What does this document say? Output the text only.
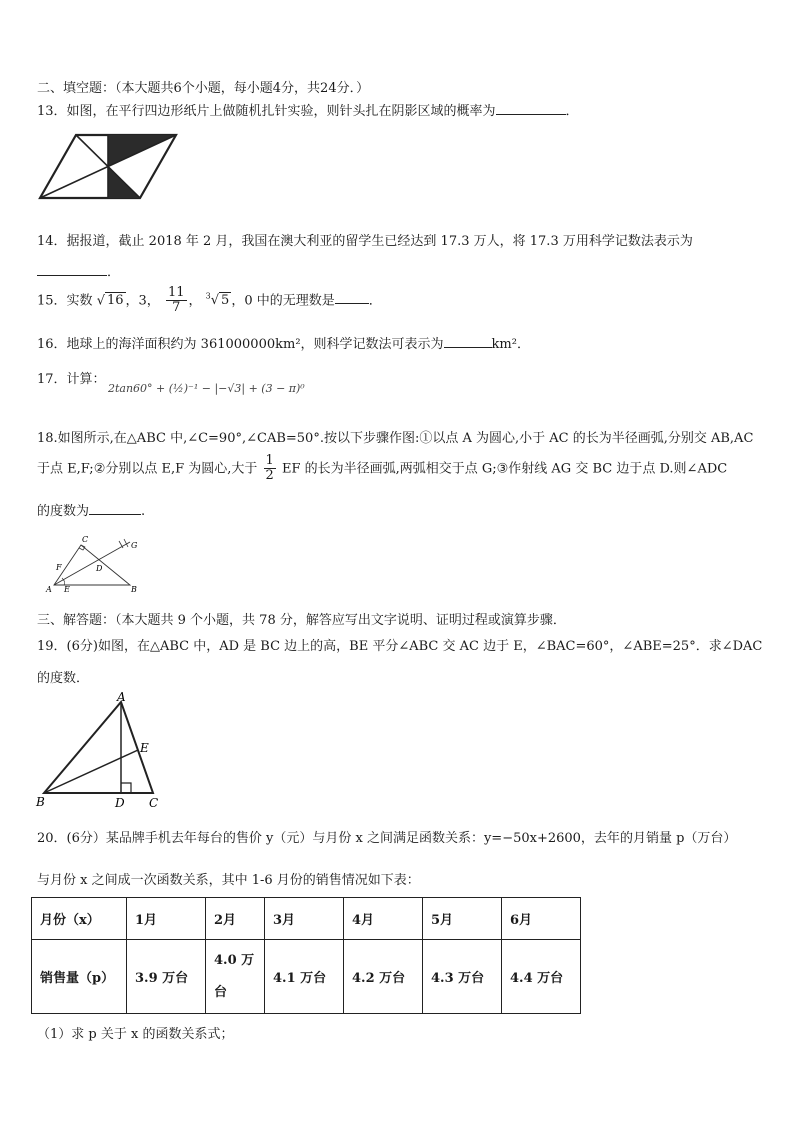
二、填空题：（本大题共6个小题，每小题4分，共24分．）
13．如图，在平行四边形纸片上做随机扎针实验，则针头扎在阴影区域的概率为	．
14．据报道，截止 2018 年 2 月，我国在澳大利亚的留学生已经达到 17.3 万人，将 17.3 万用科学记数法表示为
．
15．实数 √ 16 ，3， $\frac{11}{7}$ ， $^3$√ 5 ，0 中的无理数是	．
16．地球上的海洋面积约为 361000000km²，则科学记数法可表示为	km²．
17．计算：
2tan60° + (½)⁻¹ − |−√3| + (3 − π)⁰
18.如图所示,在△ABC 中,∠C=90°,∠CAB=50°.按以下步骤作图:①以点 A 为圆心,小于 AC 的长为半径画弧,分别交 AB,AC
于点 E,F;②分别以点 E,F 为圆心,大于 $\frac{1}{2}$ EF 的长为半径画弧,两弧相交于点 G;③作射线 AG 交 BC 边于点 D.则∠ADC
的度数为	.
C
G
F	D
A E	B
三、解答题：（本大题共 9 个小题，共 78 分，解答应写出文字说明、证明过程或演算步骤．
19．(6分)如图，在△ABC 中，AD 是 BC 边上的高，BE 平分∠ABC 交 AC 边于 E，∠BAC=60°，∠ABE=25°．求∠DAC
的度数．
A
E
B	D C
20．(6分）某品牌手机去年每台的售价 y（元）与月份 x 之间满足函数关系：y=−50x+2600，去年的月销量 p（万台）
与月份 x 之间成一次函数关系，其中 1-6 月份的销售情况如下表：
月份（x）	1月	2月	3月	4月	5月	6月
销售量（p）	3.9 万台	4.0 万台	4.1 万台	4.2 万台	4.3 万台	4.4 万台
（1）求 p 关于 x 的函数关系式；
